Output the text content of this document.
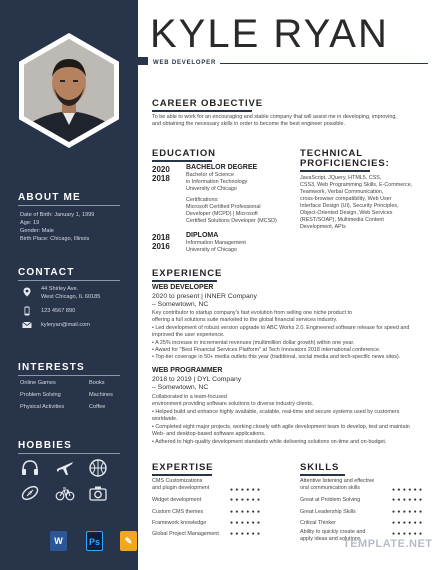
ABOUT ME
Date of Birth: January 1, 1999
Age: 19
Gender: Male
Birth Place: Chicago, Illinois
CONTACT
44 Shirley Ave.
West Chicago, IL 60185
123 4567 890
kyleryan@mail.com
INTERESTS
Online Games	Books
Problem Solving	Machines
Physical Activities	Coffee
HOBBIES
W	Ps	✎
KYLE RYAN
WEB DEVELOPER
CAREER OBJECTIVE
To be able to work for an encouraging and stable company that will assist me in developing, improving,
and obtaining the necessary skills in order to become the best engineer possible.
EDUCATION
2020
2018
BACHELOR DEGREE
Bachelor of Science
in Information Technology
University of Chicago
Certifications:
Microsoft Certified Professional
Developer (MCPD) | Microsoft
Certified Solutions Developer (MCSD)
2018
2016
DIPLOMA
Information Management
University of Chicago
TECHNICAL
PROFICIENCIES:
JavaScript, JQuery, HTML5, CSS,
CSS3, Web Programming Skills, E-Commerce,
Teamwork, Verbal Communication,
cross-browser compatibility, Web User
Interface Design (UI), Security Principles,
Object-Oriented Design, Web Services
(REST/SOAP), Multimedia Content
Development, APIs
EXPERIENCE
WEB DEVELOPER
2020 to present | INNER Company
– Somewtown, NC
Key contributor to startup company's fast evolution from selling one niche product to
offering a full solutions suite marketed to the global financial services industry.
• Led development of robust version upgrade to ABC Works 2.0. Engineered software release for speed and
improved the user experience.
• A 25% increase in incremental revenues (multimillion dollar growth) within one year.
• Award for "Best Financial Services Platform" at Tech Innovators 2018 international conference.
• Top-tier coverage in 50+ media outlets this year (traditional, social media and tech-specific news sites).
WEB PROGRAMMER
2018 to 2019 | DYL Company
– Somewtown, NC
Collaborated in a team-focused
environment providing software solutions to diverse industry clients.
• Helped build and enhance highly available, scalable, real-time and secure systems used by customers
worldwide.
• Completed eight major projects, working closely with agile development team to develop, test and maintain
Web- and desktop-based software applications.
• Adhered to high-quality development standards while delivering solutions on-time and on-budget.
EXPERTISE
CMS Customizations
and plugin development	● ● ● ● ● ●
Widget development	● ● ● ● ● ●
Custom CMS themes	● ● ● ● ● ●
Framework knowledge	● ● ● ● ● ●
Global Project Management ● ● ● ● ● ●
SKILLS
Attentive listening and effective
oral communication skills	● ● ● ● ● ●
Great at Problem Solving	● ● ● ● ● ●
Great Leadership Skills	● ● ● ● ● ●
Critical Thinker	● ● ● ● ● ●
Ability to quickly create and
apply ideas and solutions
● ● ● ● ● ●
TEMPLATE.NET
